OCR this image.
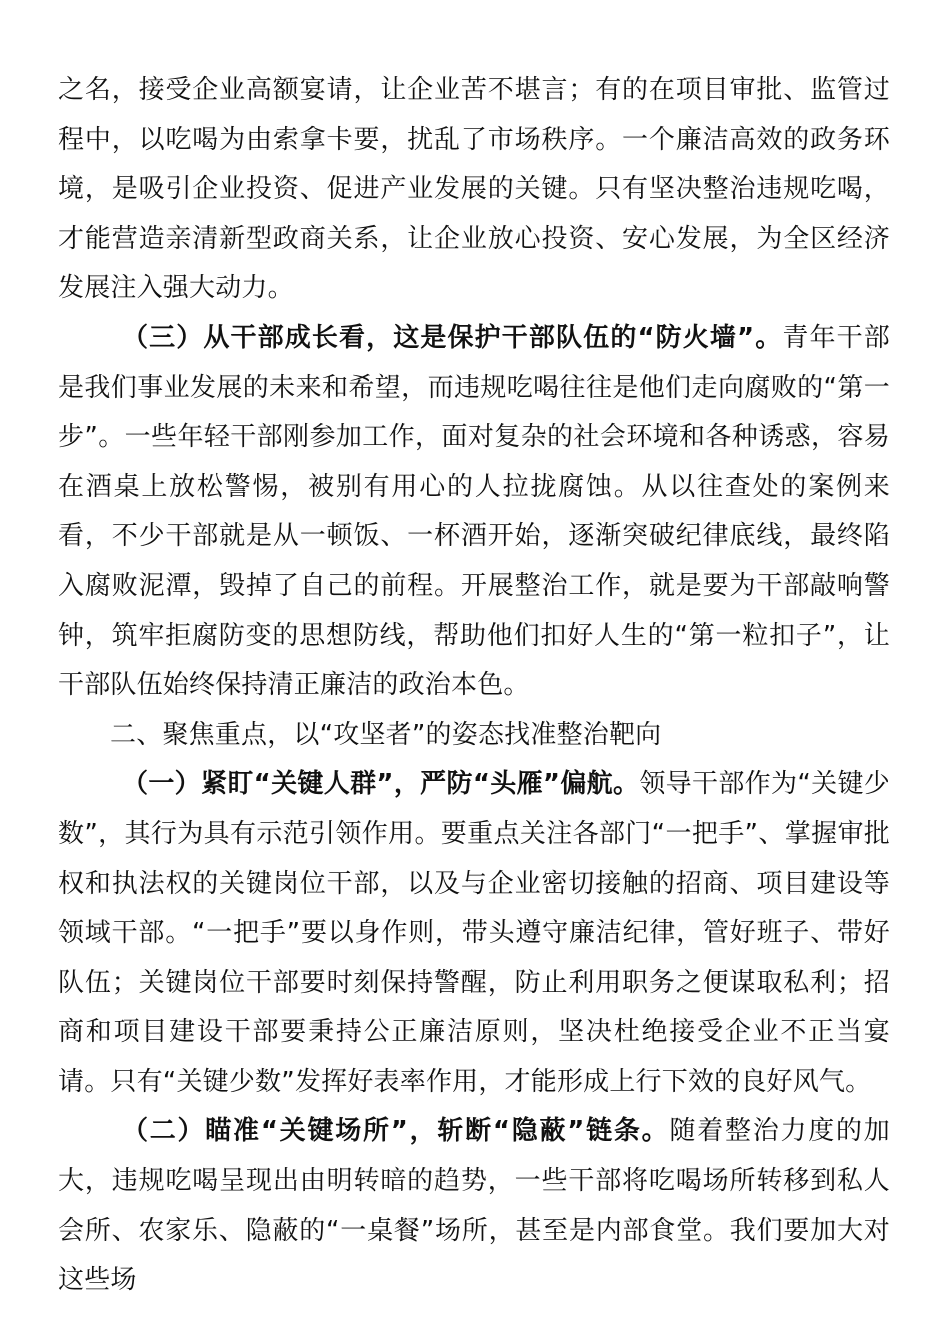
之名，接受企业高额宴请，让企业苦不堪言；有的在项目审批、监管过程中，以吃喝为由索拿卡要，扰乱了市场秩序。一个廉洁高效的政务环境，是吸引企业投资、促进产业发展的关键。只有坚决整治违规吃喝，才能营造亲清新型政商关系，让企业放心投资、安心发展，为全区经济发展注入强大动力。

（三）从干部成长看，这是保护干部队伍的“防火墙”。青年干部是我们事业发展的未来和希望，而违规吃喝往往是他们走向腐败的“第一步”。一些年轻干部刚参加工作，面对复杂的社会环境和各种诱惑，容易在酒桌上放松警惕，被别有用心的人拉拢腐蚀。从以往查处的案例来看，不少干部就是从一顿饭、一杯酒开始，逐渐突破纪律底线，最终陷入腐败泥潭，毁掉了自己的前程。开展整治工作，就是要为干部敲响警钟，筑牢拒腐防变的思想防线，帮助他们扣好人生的“第一粒扣子”，让干部队伍始终保持清正廉洁的政治本色。

二、聚焦重点，以“攻坚者”的姿态找准整治靶向

（一）紧盯“关键人群”，严防“头雁”偏航。领导干部作为“关键少数”，其行为具有示范引领作用。要重点关注各部门“一把手”、掌握审批权和执法权的关键岗位干部，以及与企业密切接触的招商、项目建设等领域干部。“一把手”要以身作则，带头遵守廉洁纪律，管好班子、带好队伍；关键岗位干部要时刻保持警醒，防止利用职务之便谋取私利；招商和项目建设干部要秉持公正廉洁原则，坚决杜绝接受企业不正当宴请。只有“关键少数”发挥好表率作用，才能形成上行下效的良好风气。

（二）瞄准“关键场所”，斩断“隐蔽”链条。随着整治力度的加大，违规吃喝呈现出由明转暗的趋势，一些干部将吃喝场所转移到私人会所、农家乐、隐蔽的“一桌餐”场所，甚至是内部食堂。我们要加大对这些场
